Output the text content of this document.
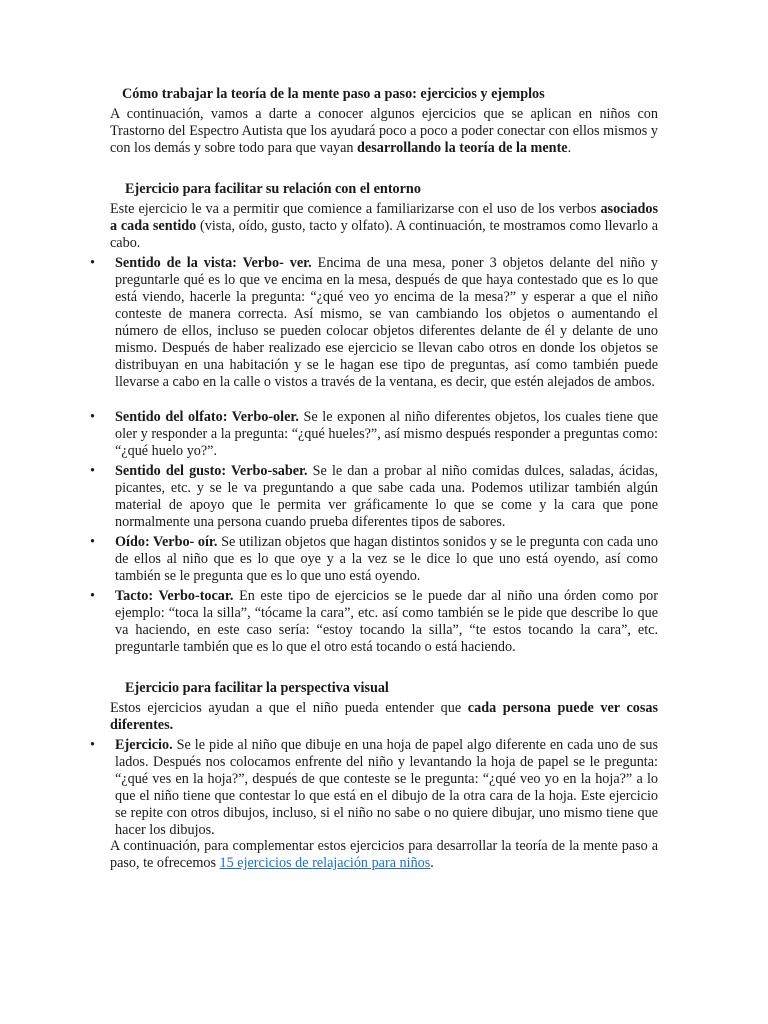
Cómo trabajar la teoría de la mente paso a paso: ejercicios y ejemplos

A continuación, vamos a darte a conocer algunos ejercicios que se aplican en niños con Trastorno del Espectro Autista que los ayudará poco a poco a poder conectar con ellos mismos y con los demás y sobre todo para que vayan desarrollando la teoría de la mente.

Ejercicio para facilitar su relación con el entorno

Este ejercicio le va a permitir que comience a familiarizarse con el uso de los verbos asociados a cada sentido (vista, oído, gusto, tacto y olfato). A continuación, te mostramos como llevarlo a cabo.

•	Sentido de la vista: Verbo- ver. Encima de una mesa, poner 3 objetos delante del niño y preguntarle qué es lo que ve encima en la mesa, después de que haya contestado que es lo que está viendo, hacerle la pregunta: “¿qué veo yo encima de la mesa?” y esperar a que el niño conteste de manera correcta. Así mismo, se van cambiando los objetos o aumentando el número de ellos, incluso se pueden colocar objetos diferentes delante de él y delante de uno mismo. Después de haber realizado ese ejercicio se llevan cabo otros en donde los objetos se distribuyan en una habitación y se le hagan ese tipo de preguntas, así como también puede llevarse a cabo en la calle o vistos a través de la ventana, es decir, que estén alejados de ambos.
•	Sentido del olfato: Verbo-oler. Se le exponen al niño diferentes objetos, los cuales tiene que oler y responder a la pregunta: “¿qué hueles?”, así mismo después responder a preguntas como: “¿qué huelo yo?”.
•	Sentido del gusto: Verbo-saber. Se le dan a probar al niño comidas dulces, saladas, ácidas, picantes, etc. y se le va preguntando a que sabe cada una. Podemos utilizar también algún material de apoyo que le permita ver gráficamente lo que se come y la cara que pone normalmente una persona cuando prueba diferentes tipos de sabores.
•	Oído: Verbo- oír. Se utilizan objetos que hagan distintos sonidos y se le pregunta con cada uno de ellos al niño que es lo que oye y a la vez se le dice lo que uno está oyendo, así como también se le pregunta que es lo que uno está oyendo.
•	Tacto: Verbo-tocar. En este tipo de ejercicios se le puede dar al niño una órden como por ejemplo: “toca la silla”, “tócame la cara”, etc. así como también se le pide que describe lo que va haciendo, en este caso sería: “estoy tocando la silla”, “te estos tocando la cara”, etc. preguntarle también que es lo que el otro está tocando o está haciendo.
Ejercicio para facilitar la perspectiva visual

Estos ejercicios ayudan a que el niño pueda entender que cada persona puede ver cosas diferentes.

•	Ejercicio. Se le pide al niño que dibuje en una hoja de papel algo diferente en cada uno de sus lados. Después nos colocamos enfrente del niño y levantando la hoja de papel se le pregunta: “¿qué ves en la hoja?”, después de que conteste se le pregunta: “¿qué veo yo en la hoja?” a lo que el niño tiene que contestar lo que está en el dibujo de la otra cara de la hoja. Este ejercicio se repite con otros dibujos, incluso, si el niño no sabe o no quiere dibujar, uno mismo tiene que hacer los dibujos.

A continuación, para complementar estos ejercicios para desarrollar la teoría de la mente paso a paso, te ofrecemos 15 ejercicios de relajación para niños.
